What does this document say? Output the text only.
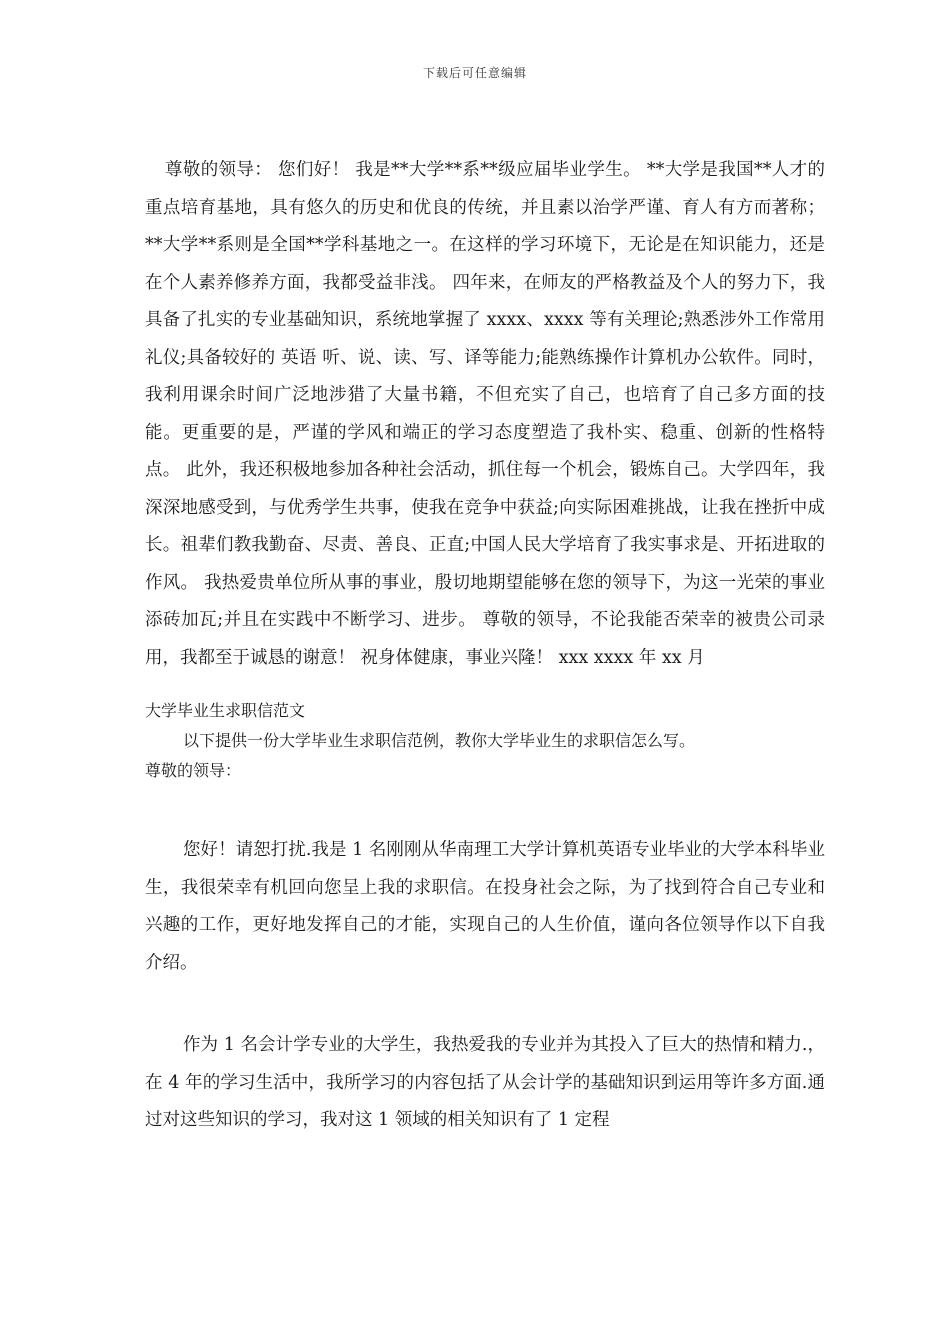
下载后可任意编辑

尊敬的领导： 您们好！ 我是**大学**系**级应届毕业学生。 **大学是我国**人才的重点培育基地，具有悠久的历史和优良的传统，并且素以治学严谨、育人有方而著称；**大学**系则是全国**学科基地之一。在这样的学习环境下，无论是在知识能力，还是在个人素养修养方面，我都受益非浅。 四年来，在师友的严格教益及个人的努力下，我具备了扎实的专业基础知识，系统地掌握了 xxxx、xxxx 等有关理论;熟悉涉外工作常用礼仪;具备较好的 英语 听、说、读、写、译等能力;能熟练操作计算机办公软件。同时，我利用课余时间广泛地涉猎了大量书籍，不但充实了自己，也培育了自己多方面的技能。更重要的是，严谨的学风和端正的学习态度塑造了我朴实、稳重、创新的性格特点。 此外，我还积极地参加各种社会活动，抓住每一个机会，锻炼自己。大学四年，我深深地感受到，与优秀学生共事，使我在竞争中获益;向实际困难挑战，让我在挫折中成长。祖辈们教我勤奋、尽责、善良、正直;中国人民大学培育了我实事求是、开拓进取的作风。 我热爱贵单位所从事的事业，殷切地期望能够在您的领导下，为这一光荣的事业添砖加瓦;并且在实践中不断学习、进步。 尊敬的领导，不论我能否荣幸的被贵公司录用，我都至于诚恳的谢意！ 祝身体健康，事业兴隆！ xxx xxxx 年 xx 月

大学毕业生求职信范文

以下提供一份大学毕业生求职信范例，教你大学毕业生的求职信怎么写。

尊敬的领导：

您好！请恕打扰.我是 1 名刚刚从华南理工大学计算机英语专业毕业的大学本科毕业生，我很荣幸有机回向您呈上我的求职信。在投身社会之际，为了找到符合自己专业和兴趣的工作，更好地发挥自己的才能，实现自己的人生价值，谨向各位领导作以下自我介绍。

作为 1 名会计学专业的大学生，我热爱我的专业并为其投入了巨大的热情和精力.，在 4 年的学习生活中，我所学习的内容包括了从会计学的基础知识到运用等许多方面.通 过对这些知识的学习，我对这 1 领域的相关知识有了 1 定程
